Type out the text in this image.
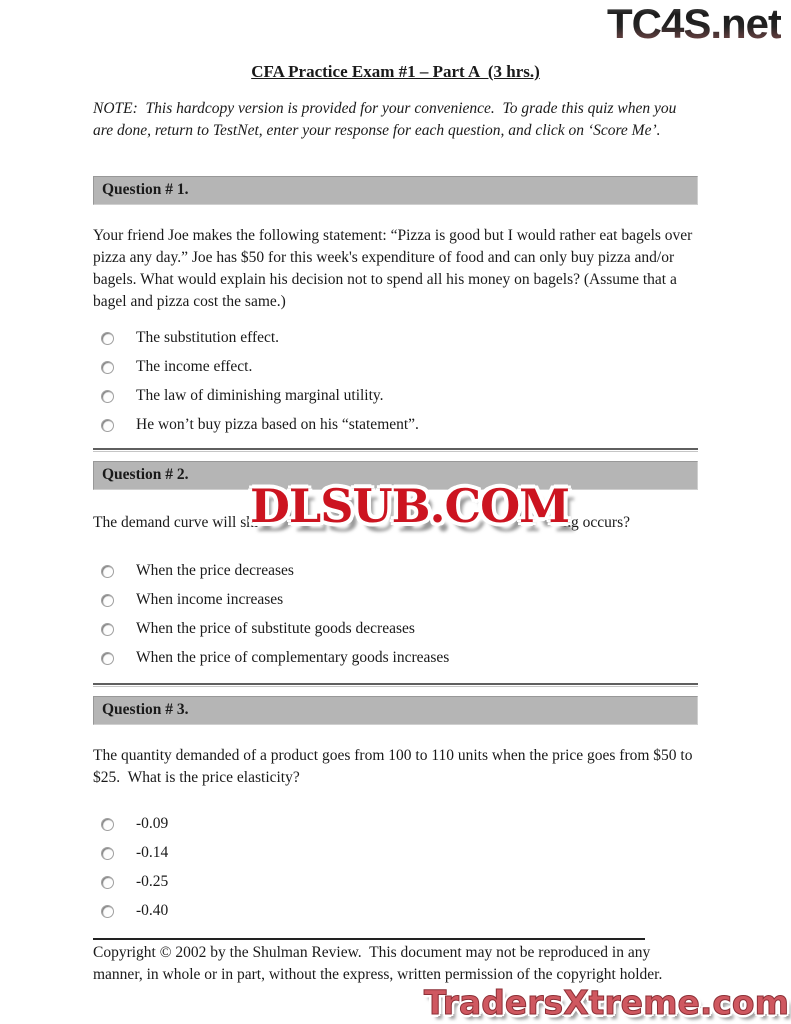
TC4S.net
CFA Practice Exam #1 – Part A  (3 hrs.)
NOTE:  This hardcopy version is provided for your convenience.  To grade this quiz when you are done, return to TestNet, enter your response for each question, and click on ‘Score Me’.
Question # 1.
Your friend Joe makes the following statement: “Pizza is good but I would rather eat bagels over pizza any day.” Joe has $50 for this week's expenditure of food and can only buy pizza and/or bagels. What would explain his decision not to spend all his money on bagels? (Assume that a bagel and pizza cost the same.)
The substitution effect.
The income effect.
The law of diminishing marginal utility.
He won’t buy pizza based on his “statement”.
Question # 2.
The demand curve will shi	ng occurs?
When the price decreases
When income increases
When the price of substitute goods decreases
When the price of complementary goods increases
Question # 3.
The quantity demanded of a product goes from 100 to 110 units when the price goes from $50 to $25.  What is the price elasticity?
-0.09
-0.14
-0.25
-0.40
Copyright © 2002 by the Shulman Review.  This document may not be reproduced in any manner, in whole or in part, without the express, written permission of the copyright holder.
DLSUB.COM
TradersXtreme.com
